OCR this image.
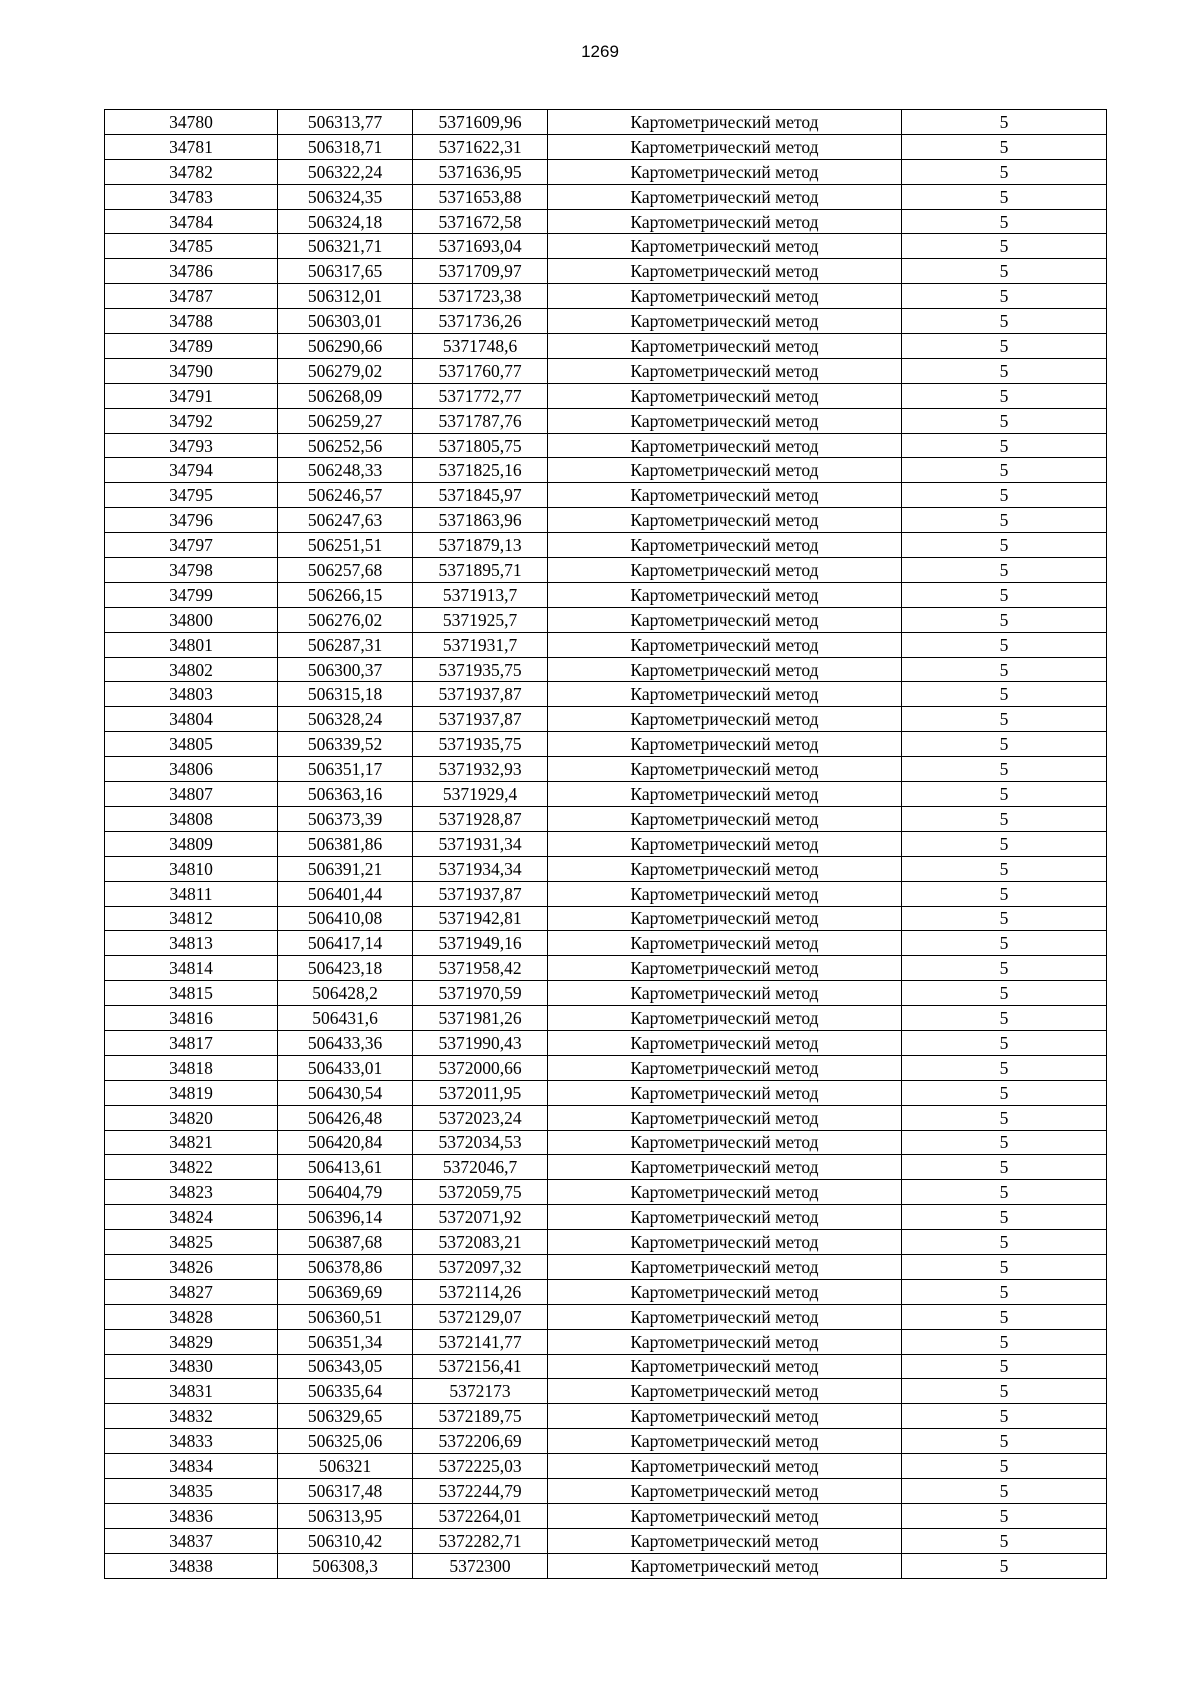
1269
34780	506313,77	5371609,96	Картометрический метод	5
34781	506318,71	5371622,31	Картометрический метод	5
34782	506322,24	5371636,95	Картометрический метод	5
34783	506324,35	5371653,88	Картометрический метод	5
34784	506324,18	5371672,58	Картометрический метод	5
34785	506321,71	5371693,04	Картометрический метод	5
34786	506317,65	5371709,97	Картометрический метод	5
34787	506312,01	5371723,38	Картометрический метод	5
34788	506303,01	5371736,26	Картометрический метод	5
34789	506290,66	5371748,6	Картометрический метод	5
34790	506279,02	5371760,77	Картометрический метод	5
34791	506268,09	5371772,77	Картометрический метод	5
34792	506259,27	5371787,76	Картометрический метод	5
34793	506252,56	5371805,75	Картометрический метод	5
34794	506248,33	5371825,16	Картометрический метод	5
34795	506246,57	5371845,97	Картометрический метод	5
34796	506247,63	5371863,96	Картометрический метод	5
34797	506251,51	5371879,13	Картометрический метод	5
34798	506257,68	5371895,71	Картометрический метод	5
34799	506266,15	5371913,7	Картометрический метод	5
34800	506276,02	5371925,7	Картометрический метод	5
34801	506287,31	5371931,7	Картометрический метод	5
34802	506300,37	5371935,75	Картометрический метод	5
34803	506315,18	5371937,87	Картометрический метод	5
34804	506328,24	5371937,87	Картометрический метод	5
34805	506339,52	5371935,75	Картометрический метод	5
34806	506351,17	5371932,93	Картометрический метод	5
34807	506363,16	5371929,4	Картометрический метод	5
34808	506373,39	5371928,87	Картометрический метод	5
34809	506381,86	5371931,34	Картометрический метод	5
34810	506391,21	5371934,34	Картометрический метод	5
34811	506401,44	5371937,87	Картометрический метод	5
34812	506410,08	5371942,81	Картометрический метод	5
34813	506417,14	5371949,16	Картометрический метод	5
34814	506423,18	5371958,42	Картометрический метод	5
34815	506428,2	5371970,59	Картометрический метод	5
34816	506431,6	5371981,26	Картометрический метод	5
34817	506433,36	5371990,43	Картометрический метод	5
34818	506433,01	5372000,66	Картометрический метод	5
34819	506430,54	5372011,95	Картометрический метод	5
34820	506426,48	5372023,24	Картометрический метод	5
34821	506420,84	5372034,53	Картометрический метод	5
34822	506413,61	5372046,7	Картометрический метод	5
34823	506404,79	5372059,75	Картометрический метод	5
34824	506396,14	5372071,92	Картометрический метод	5
34825	506387,68	5372083,21	Картометрический метод	5
34826	506378,86	5372097,32	Картометрический метод	5
34827	506369,69	5372114,26	Картометрический метод	5
34828	506360,51	5372129,07	Картометрический метод	5
34829	506351,34	5372141,77	Картометрический метод	5
34830	506343,05	5372156,41	Картометрический метод	5
34831	506335,64	5372173	Картометрический метод	5
34832	506329,65	5372189,75	Картометрический метод	5
34833	506325,06	5372206,69	Картометрический метод	5
34834	506321	5372225,03	Картометрический метод	5
34835	506317,48	5372244,79	Картометрический метод	5
34836	506313,95	5372264,01	Картометрический метод	5
34837	506310,42	5372282,71	Картометрический метод	5
34838	506308,3	5372300	Картометрический метод	5
